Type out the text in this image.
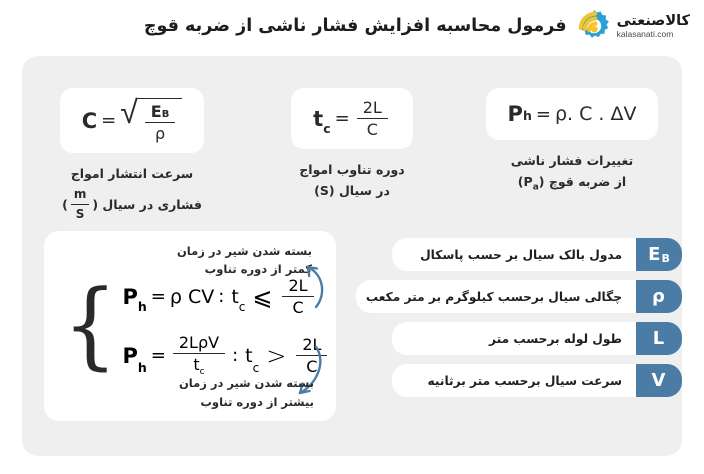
کالاصنعتی
kalasanati.com
فرمول محاسبه افزایش فشار ناشی از ضربه قوچ
C = √ $\frac{EB}{\rho}$
سرعت انتشار امواج
فشاری در سیال (
$\frac{m}{S}$
)
t $c = \frac{2L}{C}$
دوره تناوب امواج
در سیال (S)
P h = ρ. C . ΔV
تغییرات فشار ناشی
از ضربه قوچ $(P_a)$
بسته شدن شیر در زمان
کمتر از دوره تناوب
{ P h = ρ CV : t c ⩽ $\frac{2L}{C}$
P h
= $\frac{\text{2LρV}}{t_c}$ : t
$c > \frac{2L}{C}$
بسته شدن شیر در زمان
بیشتر از دوره تناوب
E B
مدول بالک سیال بر حسب پاسکال
ρ
چگالی سیال برحسب کیلوگرم بر متر مکعب
L
طول لوله برحسب متر
V
سرعت سیال برحسب متر برثانیه
